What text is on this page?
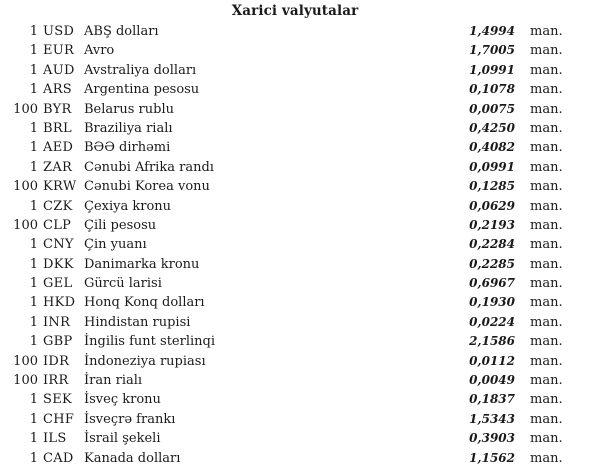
Xarici valyutalar
1 USD ABŞ dolları	1,4994 man.
1 EUR Avro	1,7005 man.
1 AUD Avstraliya dolları	1,0991 man.
1 ARS Argentina pesosu	0,1078 man.
100 BYR Belarus rublu	0,0075 man.
1 BRL Braziliya rialı	0,4250 man.
1 AED BƏƏ dirhəmi	0,4082 man.
1 ZAR Cənubi Afrika randı	0,0991 man.
100 KRW Cənubi Korea vonu	0,1285 man.
1 CZK Çexiya kronu	0,0629 man.
100 CLP Çili pesosu	0,2193 man.
1 CNY Çin yuanı	0,2284 man.
1 DKK Danimarka kronu	0,2285 man.
1 GEL Gürcü larisi	0,6967 man.
1 HKD Honq Konq dolları	0,1930 man.
1 INR	Hindistan rupisi	0,0224 man.
1 GBP İngilis funt sterlinqi	2,1586 man.
100 IDR	İndoneziya rupiası	0,0112 man.
100 IRR	İran rialı	0,0049 man.
1 SEK İsveç kronu	0,1837 man.
1 CHF İsveçrə frankı	1,5343 man.
1 ILS	İsrail şekeli	0,3903 man.
1 CAD Kanada dolları	1,1562 man.
